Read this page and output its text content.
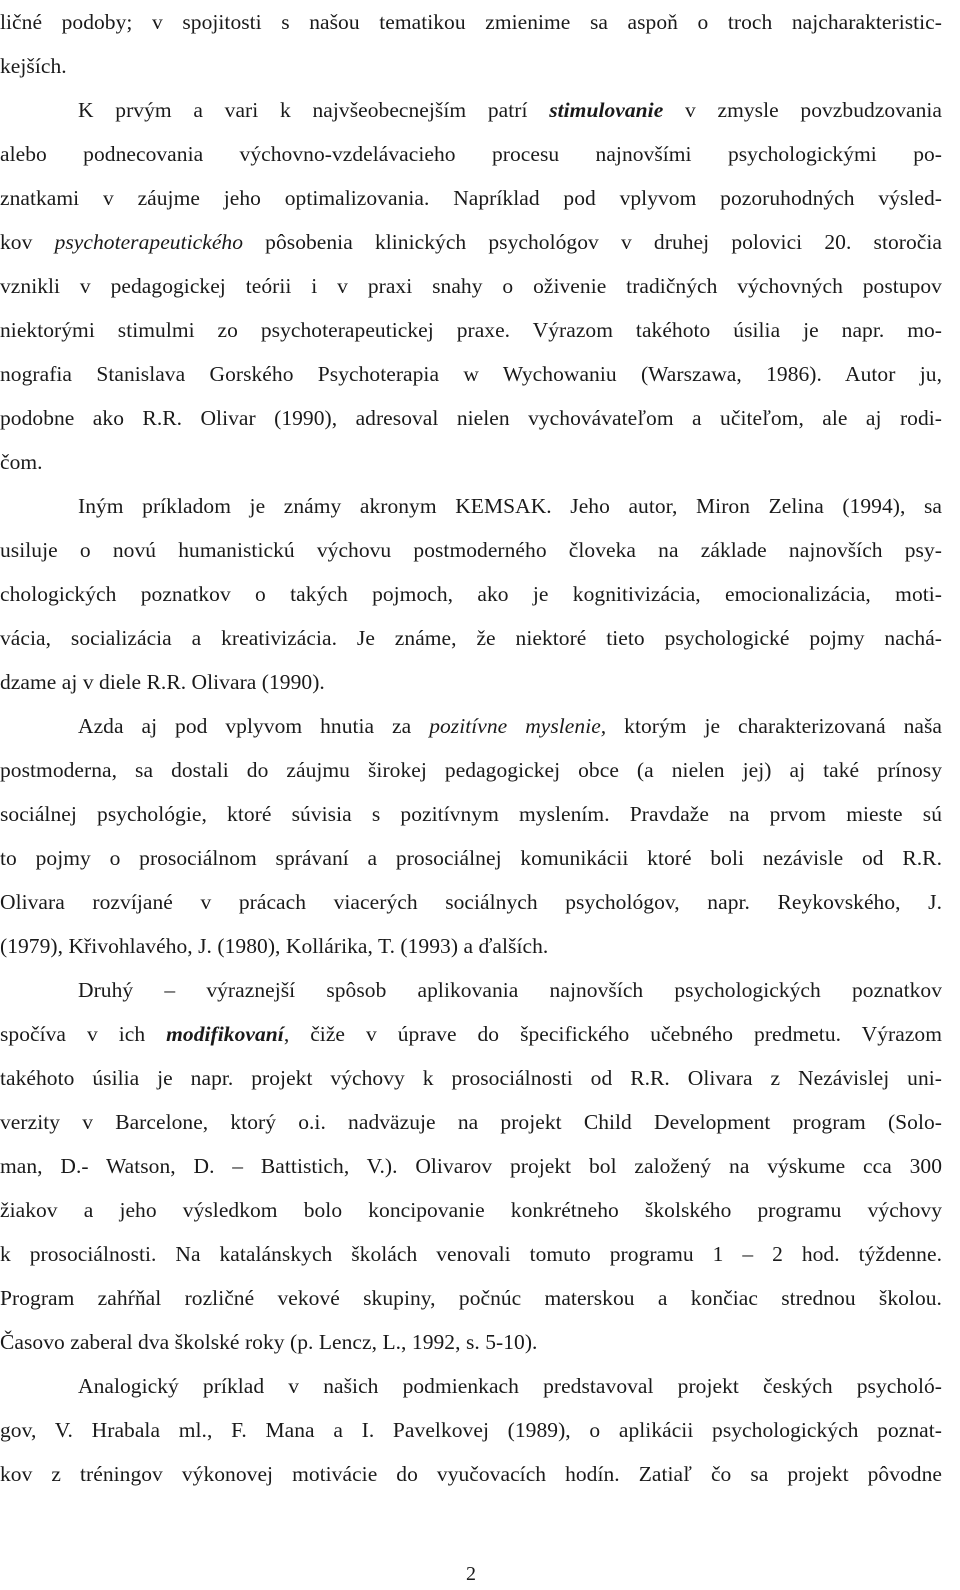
ličné podoby; v spojitosti s našou tematikou zmienime sa aspoň o troch najcharakteristic-
kejších.
K prvým a vari k najvšeobecnejším patrí stimulovanie v zmysle povzbudzovania
alebo podnecovania výchovno-vzdelávacieho procesu najnovšími psychologickými po-
znatkami v záujme jeho optimalizovania. Napríklad pod vplyvom pozoruhodných výsled-
kov psychoterapeutického pôsobenia klinických psychológov v druhej polovici 20. storočia
vznikli v pedagogickej teórii i v praxi snahy o oživenie tradičných výchovných postupov
niektorými stimulmi zo psychoterapeutickej praxe. Výrazom takéhoto úsilia je napr. mo-
nografia Stanislava Gorského Psychoterapia w Wychowaniu (Warszawa, 1986). Autor ju,
podobne ako R.R. Olivar (1990), adresoval nielen vychovávateľom a učiteľom, ale aj rodi-
čom.
Iným príkladom je známy akronym KEMSAK. Jeho autor, Miron Zelina (1994), sa
usiluje o novú humanistickú výchovu postmoderného človeka na základe najnovších psy-
chologických poznatkov o takých pojmoch, ako je kognitivizácia, emocionalizácia, moti-
vácia, socializácia a kreativizácia. Je známe, že niektoré tieto psychologické pojmy nachá-
dzame aj v diele R.R. Olivara (1990).
Azda aj pod vplyvom hnutia za pozitívne myslenie, ktorým je charakterizovaná naša
postmoderna, sa dostali do záujmu širokej pedagogickej obce (a nielen jej) aj také prínosy
sociálnej psychológie, ktoré súvisia s pozitívnym myslením. Pravdaže na prvom mieste sú
to pojmy o prosociálnom správaní a prosociálnej komunikácii ktoré boli nezávisle od R.R.
Olivara rozvíjané v prácach viacerých sociálnych psychológov, napr. Reykovského, J.
(1979), Křivohlavého, J. (1980), Kollárika, T. (1993) a ďalších.
Druhý – výraznejší spôsob aplikovania najnovších psychologických poznatkov
spočíva v ich modifikovaní, čiže v úprave do špecifického učebného predmetu. Výrazom
takéhoto úsilia je napr. projekt výchovy k prosociálnosti od R.R. Olivara z Nezávislej uni-
verzity v Barcelone, ktorý o.i. nadväzuje na projekt Child Development program (Solo-
man, D.- Watson, D. – Battistich, V.). Olivarov projekt bol založený na výskume cca 300
žiakov a jeho výsledkom bolo koncipovanie konkrétneho školského programu výchovy
k prosociálnosti. Na katalánskych školách venovali tomuto programu 1 – 2 hod. týždenne.
Program zahŕňal rozličné vekové skupiny, počnúc materskou a končiac strednou školou.
Časovo zaberal dva školské roky (p. Lencz, L., 1992, s. 5-10).
Analogický príklad v našich podmienkach predstavoval projekt českých psycholó-
gov, V. Hrabala ml., F. Mana a I. Pavelkovej (1989), o aplikácii psychologických poznat-
kov z tréningov výkonovej motivácie do vyučovacích hodín. Zatiaľ čo sa projekt pôvodne
2
